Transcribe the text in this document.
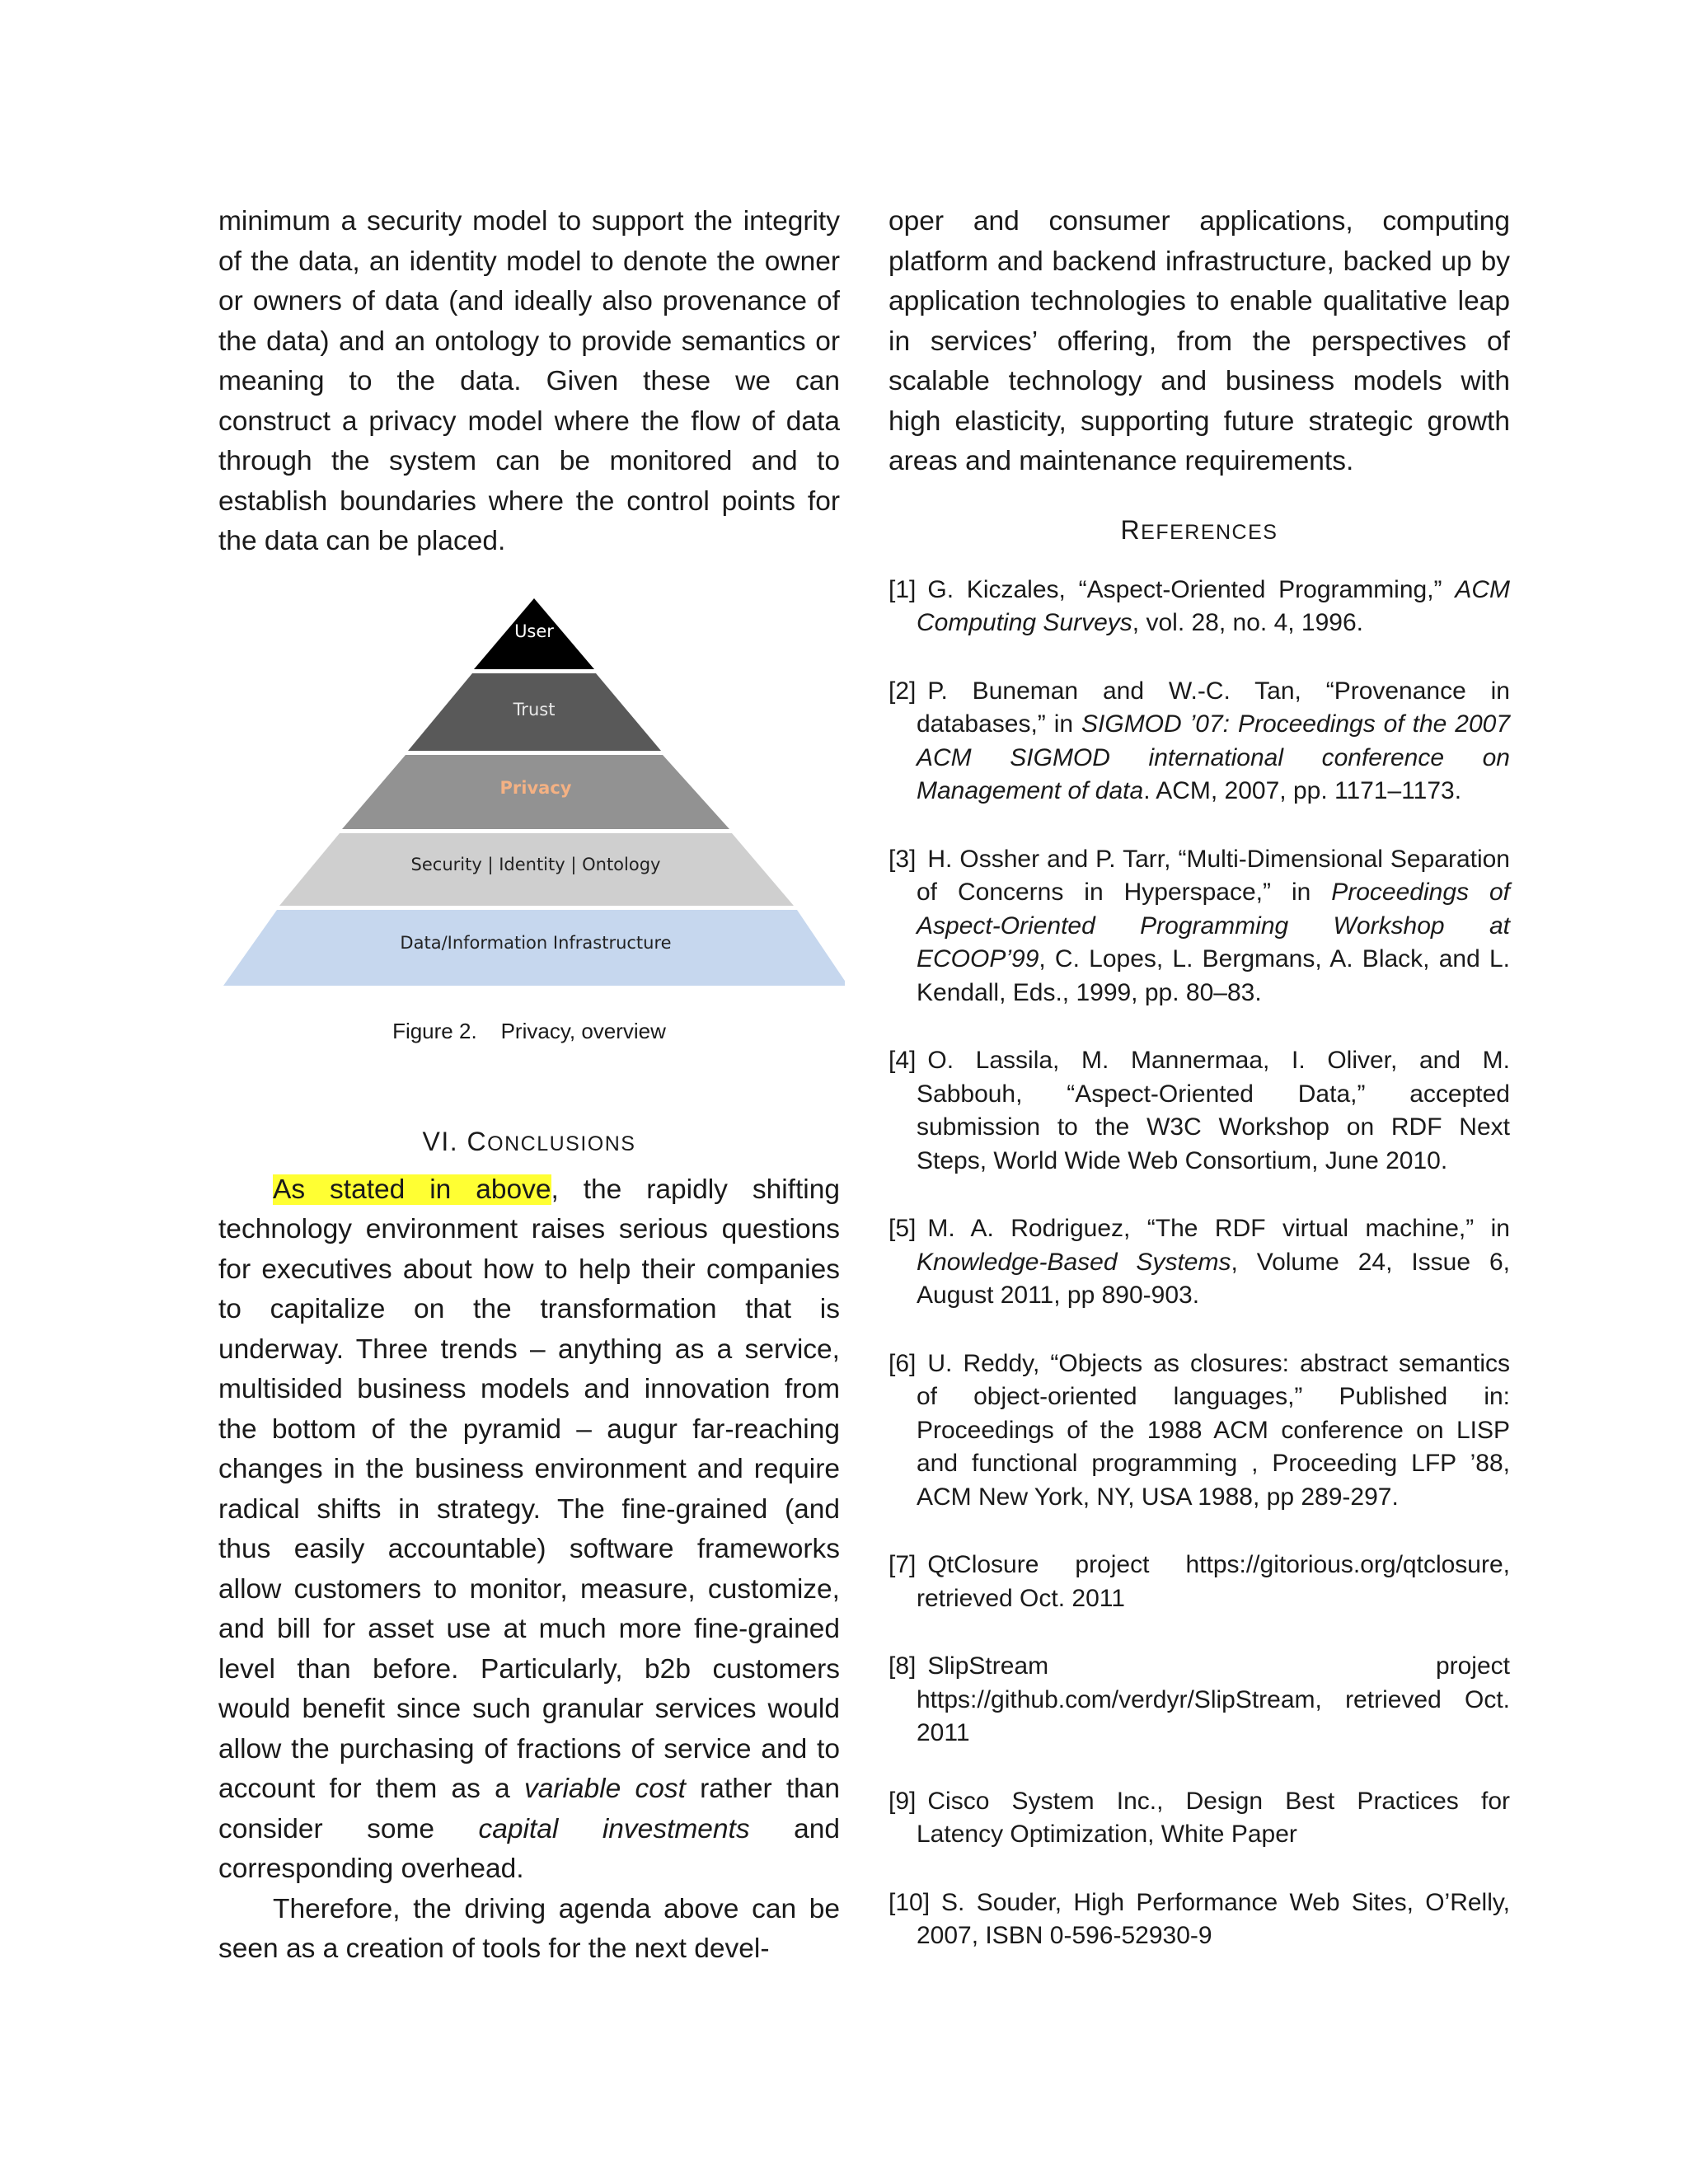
minimum a security model to support the integrity of the data, an identity model to denote the owner or owners of data (and ideally also provenance of the data) and an ontology to provide semantics or meaning to the data. Given these we can construct a privacy model where the flow of data through the system can be monitored and to establish boundaries where the control points for the data can be placed.

User
Trust
Privacy
Security | Identity | Ontology
Data/Information Infrastructure
Figure 2. Privacy, overview
VI. CONCLUSIONS

As stated in above, the rapidly shifting technology environment raises serious questions for executives about how to help their companies to capitalize on the transformation that is underway. Three trends – anything as a service, multisided business models and innovation from the bottom of the pyramid – augur far-reaching changes in the business environment and require radical shifts in strategy. The fine-grained (and thus easily accountable) software frameworks allow customers to monitor, measure, customize, and bill for asset use at much more fine-grained level than before. Particularly, b2b customers would benefit since such granular services would allow the purchasing of fractions of service and to account for them as a variable cost rather than consider some capital investments and corresponding overhead.

Therefore, the driving agenda above can be seen as a creation of tools for the next devel-

oper and consumer applications, computing platform and backend infrastructure, backed up by application technologies to enable qualitative leap in services’ offering, from the perspectives of scalable technology and business models with high elasticity, supporting future strategic growth areas and maintenance requirements.

REFERENCES
[1] G. Kiczales, “Aspect-Oriented Programming,” ACM Computing Surveys, vol. 28, no. 4, 1996.
[2] P. Buneman and W.-C. Tan, “Provenance in databases,” in SIGMOD ’07: Proceedings of the 2007 ACM SIGMOD international conference on Management of data. ACM, 2007, pp. 1171–1173.
[3] H. Ossher and P. Tarr, “Multi-Dimensional Separation of Concerns in Hyperspace,” in Proceedings of Aspect-Oriented Programming Workshop at ECOOP’99, C. Lopes, L. Bergmans, A. Black, and L. Kendall, Eds., 1999, pp. 80–83.
[4] O. Lassila, M. Mannermaa, I. Oliver, and M. Sabbouh, “Aspect-Oriented Data,” accepted submission to the W3C Workshop on RDF Next Steps, World Wide Web Consortium, June 2010.
[5] M. A. Rodriguez, “The RDF virtual machine,” in Knowledge-Based Systems, Volume 24, Issue 6, August 2011, pp 890-903.
[6] U. Reddy, “Objects as closures: abstract semantics of object-oriented languages,” Published in: Proceedings of the 1988 ACM conference on LISP and functional programming , Proceeding LFP ’88, ACM New York, NY, USA 1988, pp 289-297.
[7] QtClosure project https://gitorious.org/qtclosure, retrieved Oct. 2011
[8] SlipStream project https://github.com/verdyr/SlipStream, retrieved Oct. 2011
[9] Cisco System Inc., Design Best Practices for Latency Optimization, White Paper
[10] S. Souder, High Performance Web Sites, O’Relly, 2007, ISBN 0-596-52930-9
